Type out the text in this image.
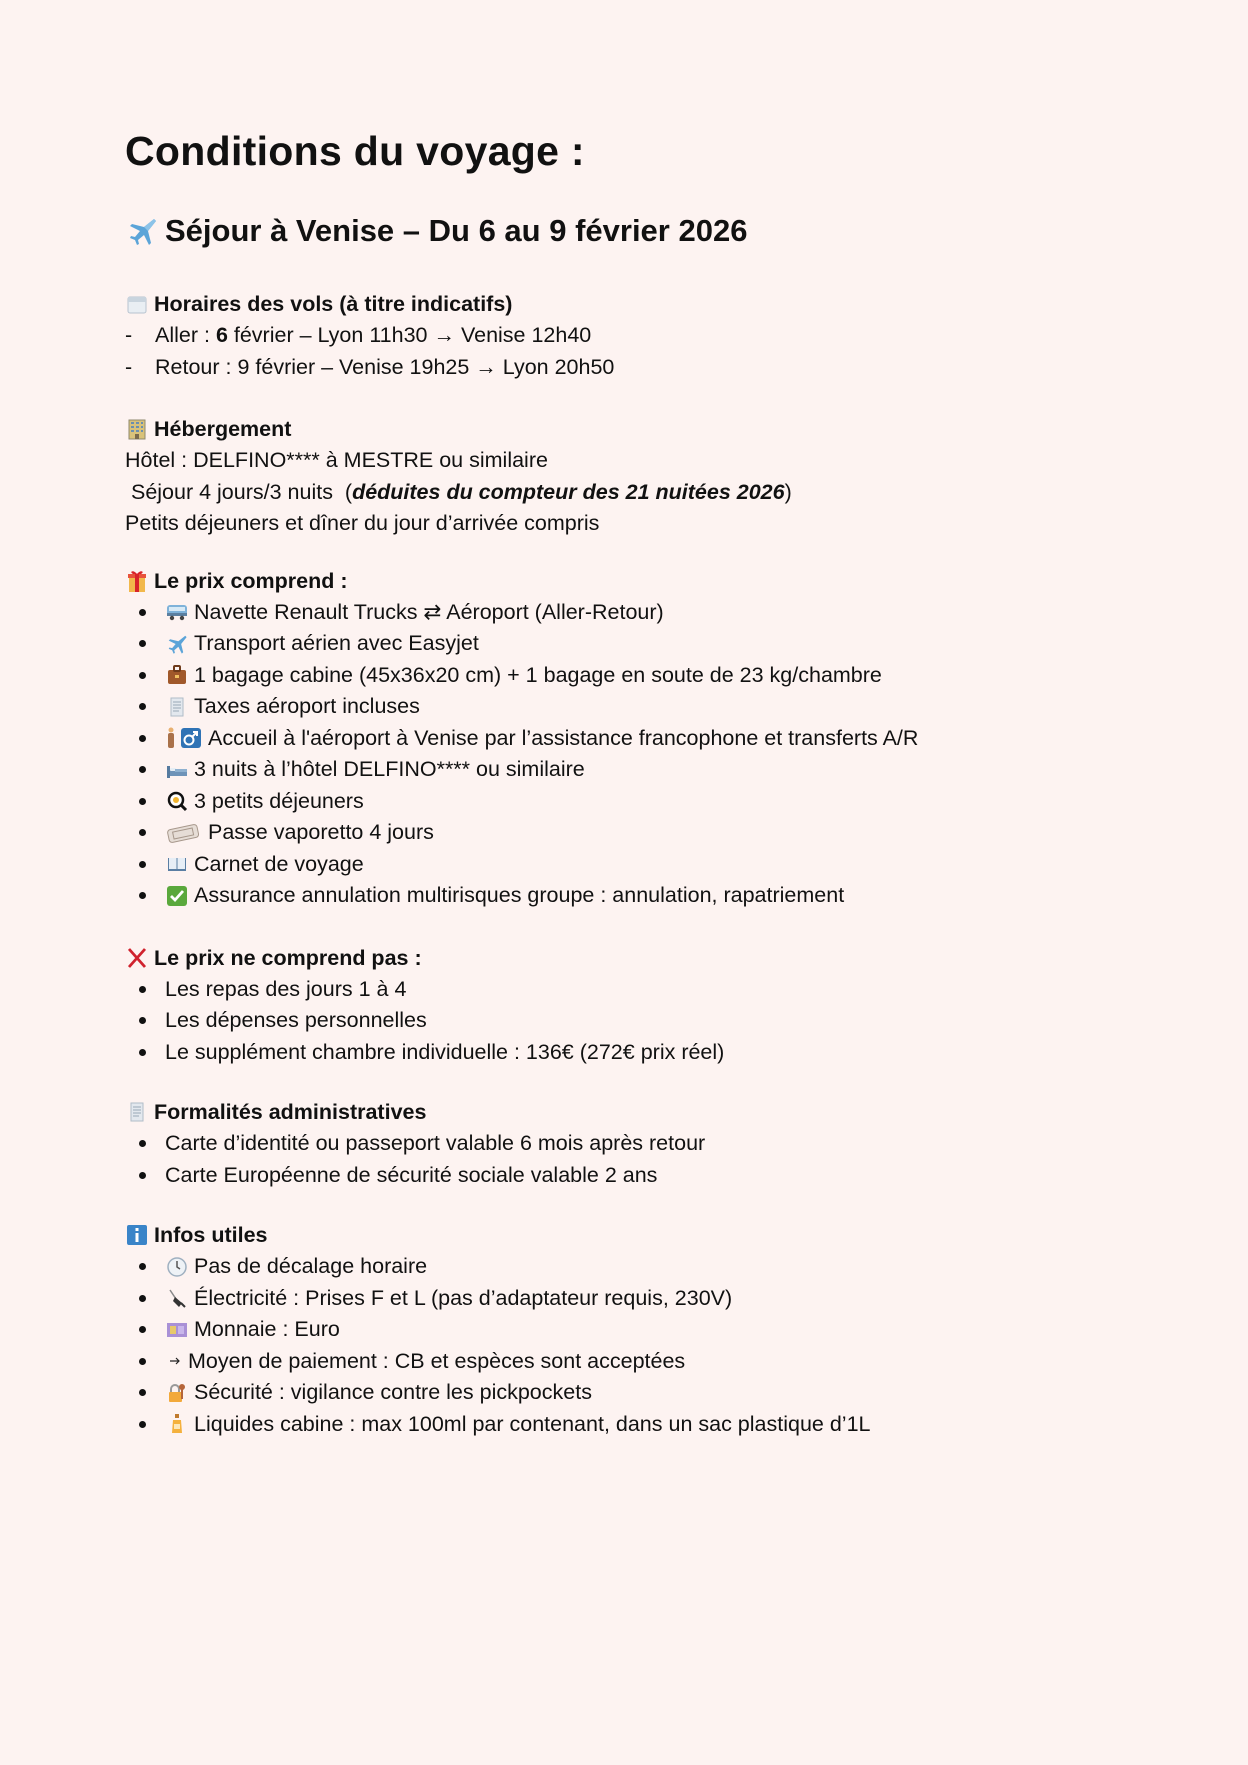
Conditions du voyage :
Séjour à Venise – Du 6 au 9 février 2026
Horaires des vols (à titre indicatifs)
-	Aller : 6 février – Lyon 11h30 → Venise 12h40
-	Retour : 9 février – Venise 19h25 → Lyon 20h50
Hébergement
Hôtel : DELFINO**** à MESTRE ou similaire
Séjour 4 jours/3 nuits  (déduites du compteur des 21 nuitées 2026)
Petits déjeuners et dîner du jour d’arrivée compris
Le prix comprend :
Navette Renault Trucks ⇄ Aéroport (Aller-Retour)
Transport aérien avec Easyjet
1 bagage cabine (45x36x20 cm) + 1 bagage en soute de 23 kg/chambre
Taxes aéroport incluses
Accueil à l'aéroport à Venise par l’assistance francophone et transferts A/R
3 nuits à l’hôtel DELFINO**** ou similaire
3 petits déjeuners
Passe vaporetto 4 jours
Carnet de voyage
Assurance annulation multirisques groupe : annulation, rapatriement
Le prix ne comprend pas :
Les repas des jours 1 à 4
Les dépenses personnelles
Le supplément chambre individuelle : 136€ (272€ prix réel)
Formalités administratives
Carte d’identité ou passeport valable 6 mois après retour
Carte Européenne de sécurité sociale valable 2 ans
Infos utiles
Pas de décalage horaire
Électricité : Prises F et L (pas d’adaptateur requis, 230V)
Monnaie : Euro
Moyen de paiement : CB et espèces sont acceptées
Sécurité : vigilance contre les pickpockets
Liquides cabine : max 100ml par contenant, dans un sac plastique d’1L
